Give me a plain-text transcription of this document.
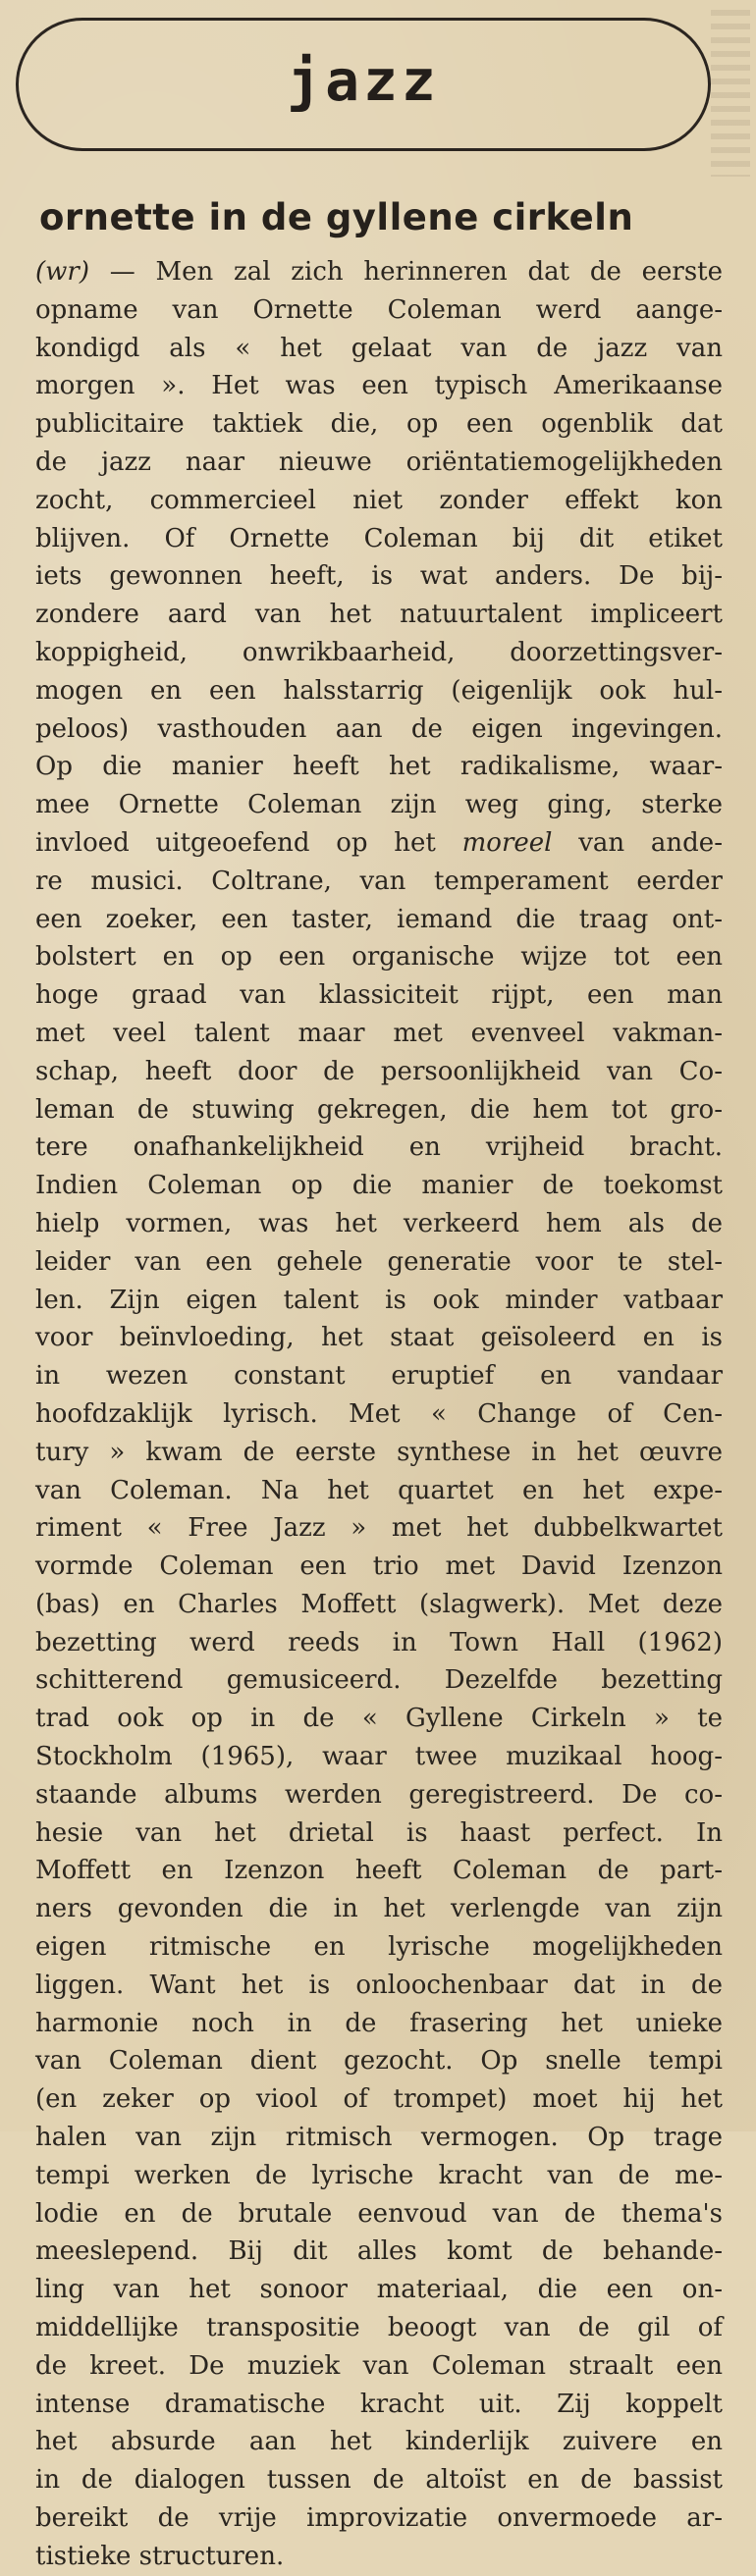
jazz
ornette in de gyllene cirkeln
(wr) — Men zal zich herinneren dat de eerste
opname van Ornette Coleman werd aange-
kondigd als « het gelaat van de jazz van
morgen ». Het was een typisch Amerikaanse
publicitaire taktiek die, op een ogenblik dat
de jazz naar nieuwe oriëntatiemogelijkheden
zocht, commercieel niet zonder effekt kon
blijven. Of Ornette Coleman bij dit etiket
iets gewonnen heeft, is wat anders. De bij-
zondere aard van het natuurtalent impliceert
koppigheid, onwrikbaarheid, doorzettingsver-
mogen en een halsstarrig (eigenlijk ook hul-
peloos) vasthouden aan de eigen ingevingen.
Op die manier heeft het radikalisme, waar-
mee Ornette Coleman zijn weg ging, sterke
invloed uitgeoefend op het moreel van ande-
re musici. Coltrane, van temperament eerder
een zoeker, een taster, iemand die traag ont-
bolstert en op een organische wijze tot een
hoge graad van klassiciteit rijpt, een man
met veel talent maar met evenveel vakman-
schap, heeft door de persoonlijkheid van Co-
leman de stuwing gekregen, die hem tot gro-
tere onafhankelijkheid en vrijheid bracht.
Indien Coleman op die manier de toekomst
hielp vormen, was het verkeerd hem als de
leider van een gehele generatie voor te stel-
len. Zijn eigen talent is ook minder vatbaar
voor beïnvloeding, het staat geïsoleerd en is
in wezen constant eruptief en vandaar
hoofdzaklijk lyrisch. Met « Change of Cen-
tury » kwam de eerste synthese in het œuvre
van Coleman. Na het quartet en het expe-
riment « Free Jazz » met het dubbelkwartet
vormde Coleman een trio met David Izenzon
(bas) en Charles Moffett (slagwerk). Met deze
bezetting werd reeds in Town Hall (1962)
schitterend gemusiceerd. Dezelfde bezetting
trad ook op in de « Gyllene Cirkeln » te
Stockholm (1965), waar twee muzikaal hoog-
staande albums werden geregistreerd. De co-
hesie van het drietal is haast perfect. In
Moffett en Izenzon heeft Coleman de part-
ners gevonden die in het verlengde van zijn
eigen ritmische en lyrische mogelijkheden
liggen. Want het is onloochenbaar dat in de
harmonie noch in de frasering het unieke
van Coleman dient gezocht. Op snelle tempi
(en zeker op viool of trompet) moet hij het
halen van zijn ritmisch vermogen. Op trage
tempi werken de lyrische kracht van de me-
lodie en de brutale eenvoud van de thema's
meeslepend. Bij dit alles komt de behande-
ling van het sonoor materiaal, die een on-
middellijke transpositie beoogt van de gil of
de kreet. De muziek van Coleman straalt een
intense dramatische kracht uit. Zij koppelt
het absurde aan het kinderlijk zuivere en
in de dialogen tussen de altoïst en de bassist
bereikt de vrije improvizatie onvermoede ar-
tistieke structuren.
